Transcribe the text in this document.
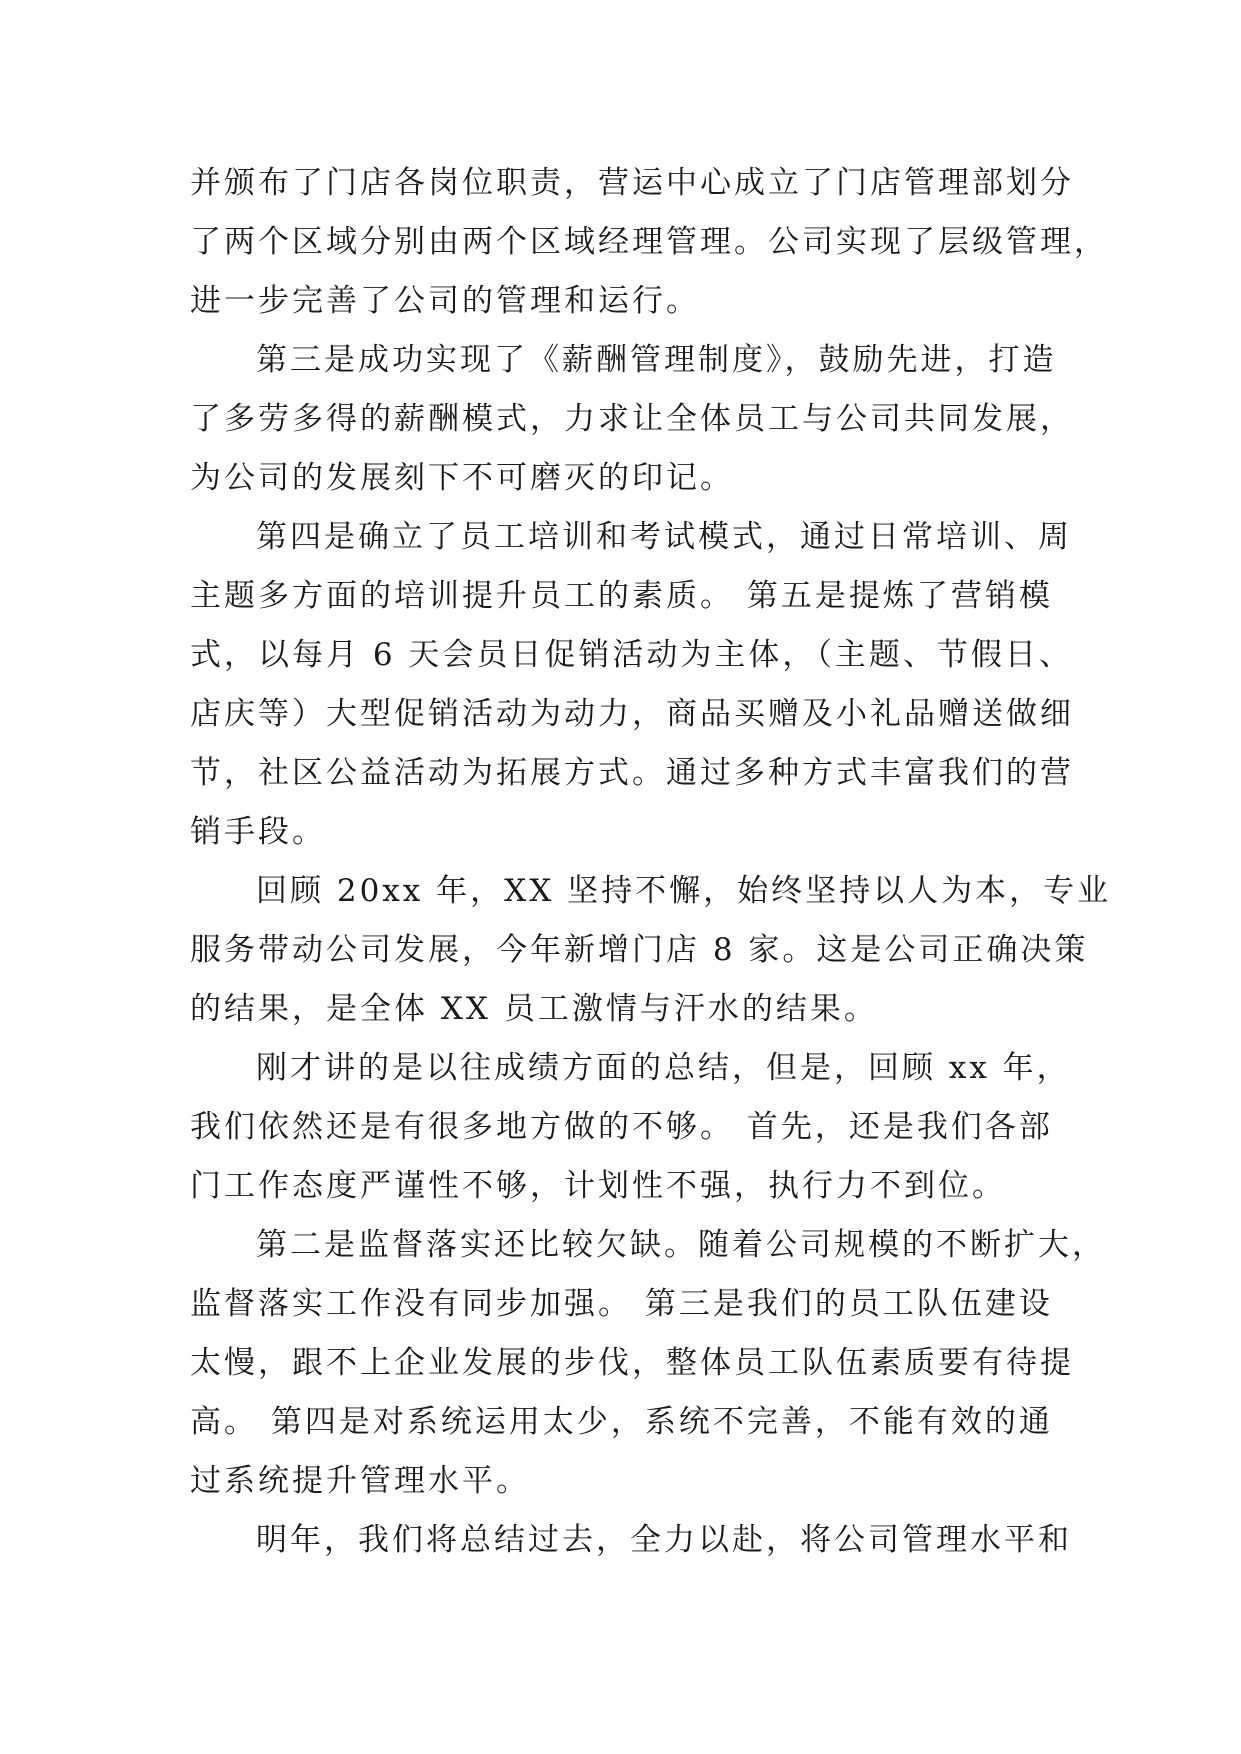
并颁布了门店各岗位职责，营运中心成立了门店管理部划分
了两个区域分别由两个区域经理管理。公司实现了层级管理，
进一步完善了公司的管理和运行。
第三是成功实现了《薪酬管理制度》，鼓励先进，打造
了多劳多得的薪酬模式，力求让全体员工与公司共同发展，
为公司的发展刻下不可磨灭的印记。
第四是确立了员工培训和考试模式，通过日常培训、周
主题多方面的培训提升员工的素质。 第五是提炼了营销模
式，以每月 6 天会员日促销活动为主体，（主题、节假日、
店庆等）大型促销活动为动力，商品买赠及小礼品赠送做细
节，社区公益活动为拓展方式。通过多种方式丰富我们的营
销手段。
回顾 20xx 年，XX 坚持不懈，始终坚持以人为本，专业
服务带动公司发展，今年新增门店 8 家。这是公司正确决策
的结果，是全体 XX 员工激情与汗水的结果。
刚才讲的是以往成绩方面的总结，但是，回顾 xx 年，
我们依然还是有很多地方做的不够。 首先，还是我们各部
门工作态度严谨性不够，计划性不强，执行力不到位。
第二是监督落实还比较欠缺。随着公司规模的不断扩大，
监督落实工作没有同步加强。 第三是我们的员工队伍建设
太慢，跟不上企业发展的步伐，整体员工队伍素质要有待提
高。 第四是对系统运用太少，系统不完善，不能有效的通
过系统提升管理水平。
明年，我们将总结过去，全力以赴，将公司管理水平和
